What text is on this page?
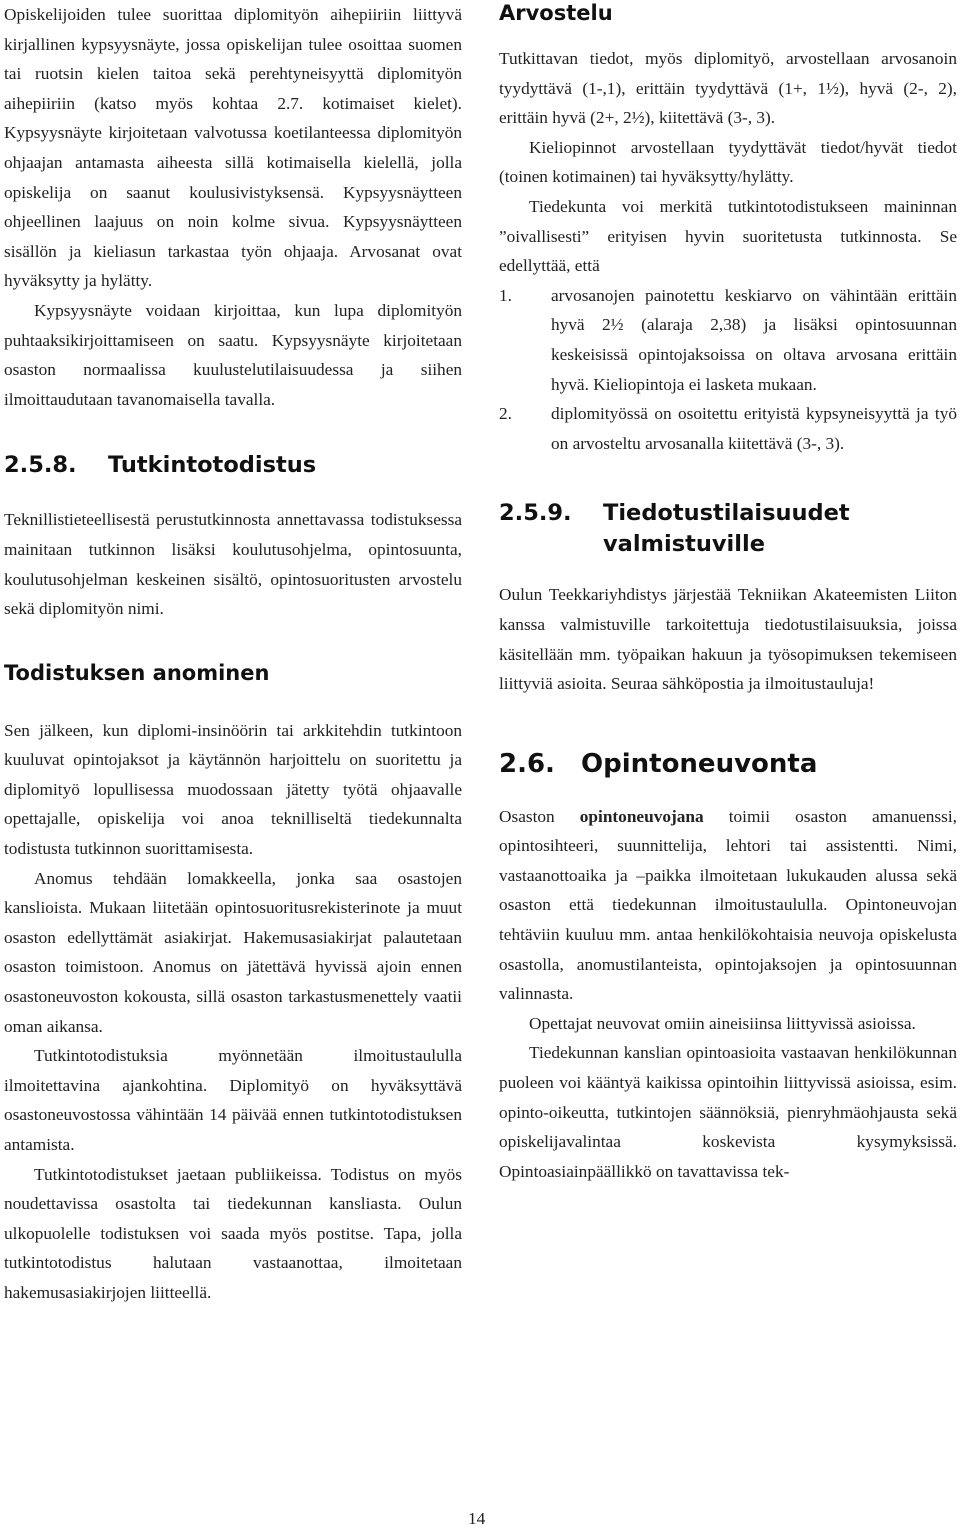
Opiskelijoiden tulee suorittaa diplomityön aihepiiriin liittyvä kirjallinen kypsyysnäyte, jossa opiskelijan tulee osoittaa suomen tai ruotsin kielen taitoa sekä perehtyneisyyttä diplomityön aihepiiriin (katso myös kohtaa 2.7. kotimaiset kielet). Kypsyysnäyte kirjoitetaan valvotussa koetilanteessa diplomityön ohjaajan antamasta aiheesta sillä kotimaisella kielellä, jolla opiskelija on saanut koulusivistyksensä. Kypsyysnäytteen ohjeellinen laajuus on noin kolme sivua. Kypsyysnäytteen sisällön ja kieliasun tarkastaa työn ohjaaja. Arvosanat ovat hyväksytty ja hylätty.

Kypsyysnäyte voidaan kirjoittaa, kun lupa diplomityön puhtaaksikirjoittamiseen on saatu. Kypsyysnäyte kirjoitetaan osaston normaalissa kuulustelutilaisuudessa ja siihen ilmoittaudutaan tavanomaisella tavalla.

2.5.8.	Tutkintotodistus

Teknillistieteellisestä perustutkinnosta annettavassa todistuksessa mainitaan tutkinnon lisäksi koulutusohjelma, opintosuunta, koulutusohjelman keskeinen sisältö, opintosuoritusten arvostelu sekä diplomityön nimi.

Todistuksen anominen

Sen jälkeen, kun diplomi-insinöörin tai arkkitehdin tutkintoon kuuluvat opintojaksot ja käytännön harjoittelu on suoritettu ja diplomityö lopullisessa muodossaan jätetty työtä ohjaavalle opettajalle, opiskelija voi anoa teknilliseltä tiedekunnalta todistusta tutkinnon suorittamisesta.

Anomus tehdään lomakkeella, jonka saa osastojen kanslioista. Mukaan liitetään opintosuoritusrekisterinote ja muut osaston edellyttämät asiakirjat. Hakemusasiakirjat palautetaan osaston toimistoon. Anomus on jätettävä hyvissä ajoin ennen osastoneuvoston kokousta, sillä osaston tarkastusmenettely vaatii oman aikansa.

Tutkintotodistuksia myönnetään ilmoitustaululla ilmoitettavina ajankohtina. Diplomityö on hyväksyttävä osastoneuvostossa vähintään 14 päivää ennen tutkintotodistuksen antamista.

Tutkintotodistukset jaetaan publiikeissa. Todistus on myös noudettavissa osastolta tai tiedekunnan kansliasta. Oulun ulkopuolelle todistuksen voi saada myös postitse. Tapa, jolla tutkintotodistus halutaan vastaanottaa, ilmoitetaan hakemusasiakirjojen liitteellä.

Arvostelu

Tutkittavan tiedot, myös diplomityö, arvostellaan arvosanoin tyydyttävä (1-,1), erittäin tyydyttävä (1+, 1½), hyvä (2-, 2), erittäin hyvä (2+, 2½), kiitettävä (3-, 3).

Kieliopinnot arvostellaan tyydyttävät tiedot/hyvät tiedot (toinen kotimainen) tai hyväksytty/hylätty.

Tiedekunta voi merkitä tutkintotodistukseen maininnan ”oivallisesti” erityisen hyvin suoritetusta tutkinnosta. Se edellyttää, että

1. arvosanojen painotettu keskiarvo on vähintään erittäin hyvä 2½ (alaraja 2,38) ja lisäksi opintosuunnan keskeisissä opintojaksoissa on oltava arvosana erittäin hyvä. Kieliopintoja ei lasketa mukaan.
2. diplomityössä on osoitettu erityistä kypsyneisyyttä ja työ on arvosteltu arvosanalla kiitettävä (3-, 3).
2.5.9.	Tiedotustilaisuudet valmistuville

Oulun Teekkariyhdistys järjestää Tekniikan Akateemisten Liiton kanssa valmistuville tarkoitettuja tiedotustilaisuuksia, joissa käsitellään mm. työpaikan hakuun ja työsopimuksen tekemiseen liittyviä asioita. Seuraa sähköpostia ja ilmoitustauluja!

2.6.	Opintoneuvonta

Osaston opintoneuvojana toimii osaston amanuenssi, opintosihteeri, suunnittelija, lehtori tai assistentti. Nimi, vastaanottoaika ja –paikka ilmoitetaan lukukauden alussa sekä osaston että tiedekunnan ilmoitustaululla. Opintoneuvojan tehtäviin kuuluu mm. antaa henkilökohtaisia neuvoja opiskelusta osastolla, anomustilanteista, opintojaksojen ja opintosuunnan valinnasta.

Opettajat neuvovat omiin aineisiinsa liittyvissä asioissa.

Tiedekunnan kanslian opintoasioita vastaavan henkilökunnan puoleen voi kääntyä kaikissa opintoihin liittyvissä asioissa, esim. opinto-oikeutta, tutkintojen säännöksiä, pienryhmäohjausta sekä opiskelijavalintaa koskevista kysymyksissä. Opintoasiainpäällikkö on tavattavissa tek-

14
